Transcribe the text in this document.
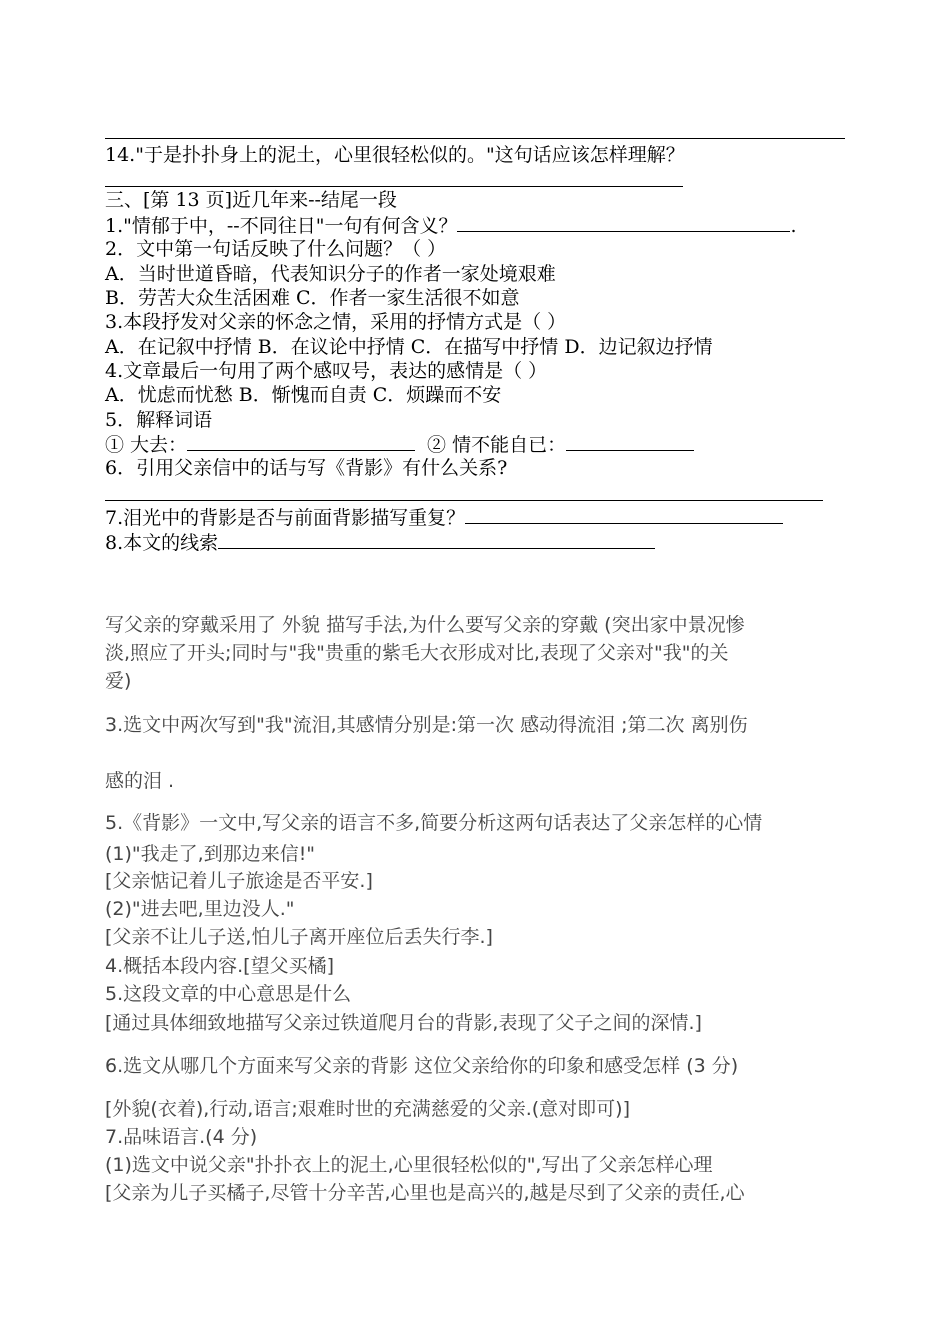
14."于是扑扑身上的泥土，心里很轻松似的。"这句话应该怎样理解？
三、[第 13 页]近几年来--结尾一段
1."情郁于中，--不同往日"一句有何含义？	.
2．文中第一句话反映了什么问题？（ ）
A．当时世道昏暗，代表知识分子的作者一家处境艰难
B．劳苦大众生活困难 C．作者一家生活很不如意
3.本段抒发对父亲的怀念之情，采用的抒情方式是（ ）
A．在记叙中抒情 B．在议论中抒情 C．在描写中抒情 D．边记叙边抒情
4.文章最后一句用了两个感叹号，表达的感情是（ ）
A．忧虑而忧愁 B．惭愧而自责 C．烦躁而不安
5．解释词语
① 大去：	② 情不能自已：
6．引用父亲信中的话与写《背影》有什么关系?
7.泪光中的背影是否与前面背影描写重复？
8.本文的线索
写父亲的穿戴采用了 外貌 描写手法,为什么要写父亲的穿戴 (突出家中景况惨
淡,照应了开头;同时与"我"贵重的紫毛大衣形成对比,表现了父亲对"我"的关
爱)
3.选文中两次写到"我"流泪,其感情分别是:第一次 感动得流泪 ;第二次 离别伤
感的泪 .
5.《背影》一文中,写父亲的语言不多,简要分析这两句话表达了父亲怎样的心情
(1)"我走了,到那边来信!"
[父亲惦记着儿子旅途是否平安.]
(2)"进去吧,里边没人."
[父亲不让儿子送,怕儿子离开座位后丢失行李.]
4.概括本段内容.[望父买橘]
5.这段文章的中心意思是什么
[通过具体细致地描写父亲过铁道爬月台的背影,表现了父子之间的深情.]
6.选文从哪几个方面来写父亲的背影 这位父亲给你的印象和感受怎样 (3 分)
[外貌(衣着),行动,语言;艰难时世的充满慈爱的父亲.(意对即可)]
7.品味语言.(4 分)
(1)选文中说父亲"扑扑衣上的泥土,心里很轻松似的",写出了父亲怎样心理
[父亲为儿子买橘子,尽管十分辛苦,心里也是高兴的,越是尽到了父亲的责任,心
